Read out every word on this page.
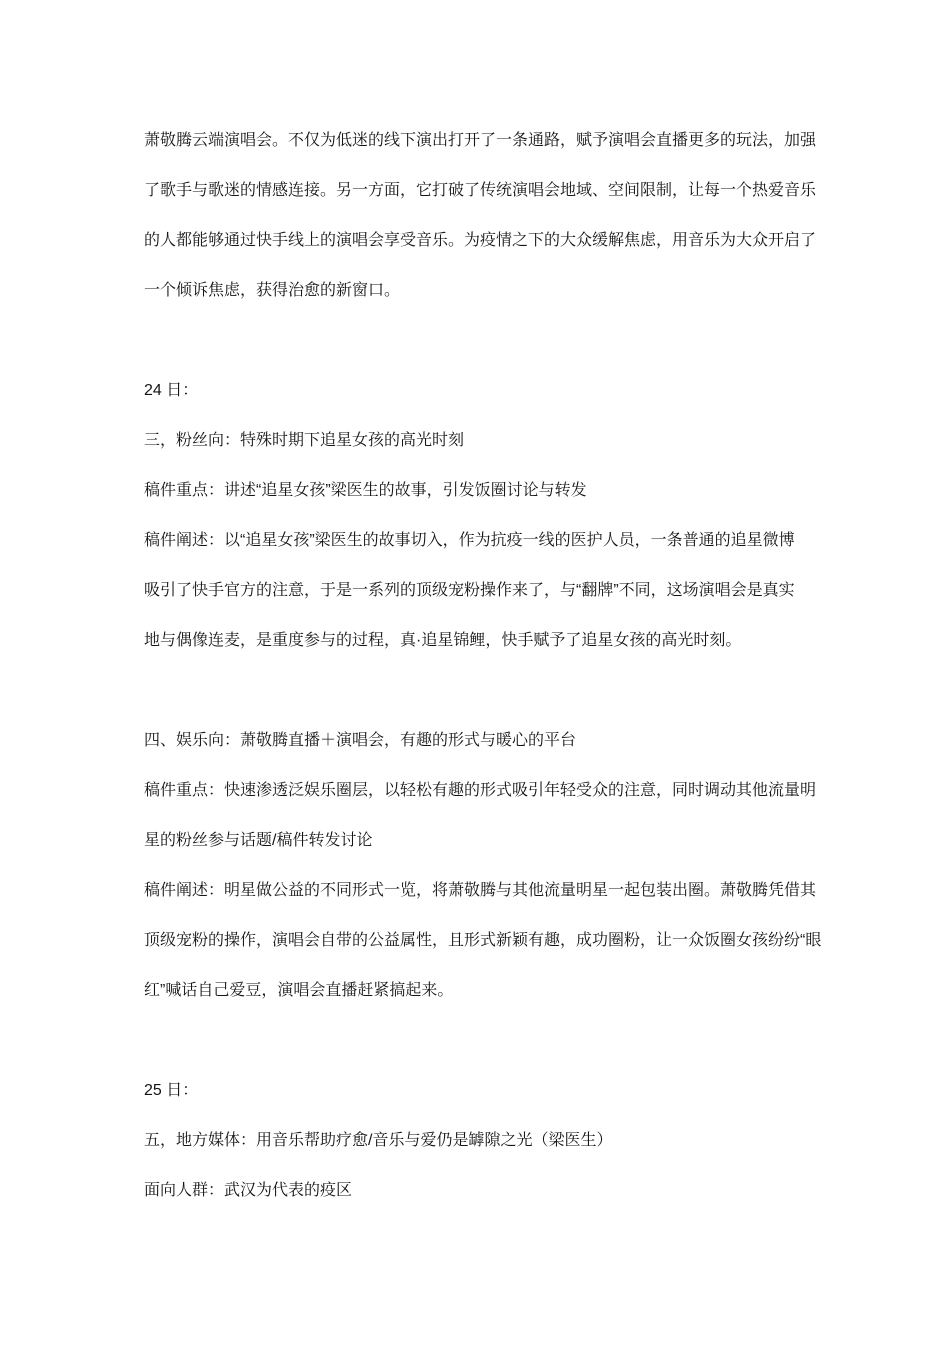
萧敬腾云端演唱会。不仅为低迷的线下演出打开了一条通路，赋予演唱会直播更多的玩法，加强
了歌手与歌迷的情感连接。另一方面，它打破了传统演唱会地域、空间限制，让每一个热爱音乐
的人都能够通过快手线上的演唱会享受音乐。为疫情之下的大众缓解焦虑，用音乐为大众开启了
一个倾诉焦虑，获得治愈的新窗口。
24 日：
三，粉丝向：特殊时期下追星女孩的高光时刻
稿件重点：讲述“追星女孩”梁医生的故事，引发饭圈讨论与转发
稿件阐述：以“追星女孩”梁医生的故事切入，作为抗疫一线的医护人员，一条普通的追星微博
吸引了快手官方的注意，于是一系列的顶级宠粉操作来了，与“翻牌”不同，这场演唱会是真实
地与偶像连麦，是重度参与的过程，真·追星锦鲤，快手赋予了追星女孩的高光时刻。
四、娱乐向：萧敬腾直播＋演唱会，有趣的形式与暖心的平台
稿件重点：快速渗透泛娱乐圈层，以轻松有趣的形式吸引年轻受众的注意，同时调动其他流量明
星的粉丝参与话题/稿件转发讨论
稿件阐述：明星做公益的不同形式一览，将萧敬腾与其他流量明星一起包装出圈。萧敬腾凭借其
顶级宠粉的操作，演唱会自带的公益属性，且形式新颖有趣，成功圈粉，让一众饭圈女孩纷纷“眼
红”喊话自己爱豆，演唱会直播赶紧搞起来。
25 日：
五，地方媒体：用音乐帮助疗愈/音乐与爱仍是罅隙之光（梁医生）
面向人群：武汉为代表的疫区
